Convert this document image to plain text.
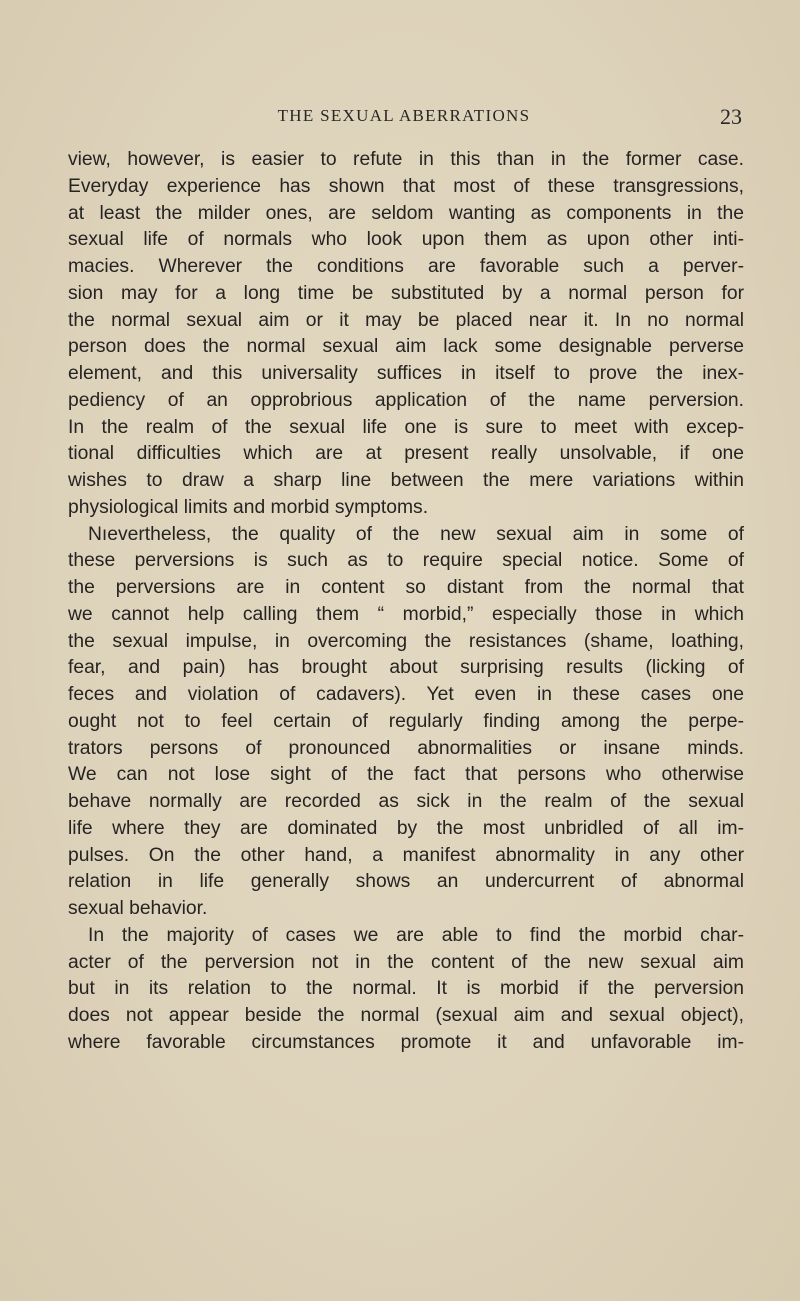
THE SEXUAL ABERRATIONS	23
view, however, is easier to refute in this than in the former case.
Everyday experience has shown that most of these transgressions,
at least the milder ones, are seldom wanting as components in the
sexual life of normals who look upon them as upon other inti-
macies. Wherever the conditions are favorable such a perver-
sion may for a long time be substituted by a normal person for
the normal sexual aim or it may be placed near it. In no normal
person does the normal sexual aim lack some designable perverse
element, and this universality suffices in itself to prove the inex-
pediency of an opprobrious application of the name perversion.
In the realm of the sexual life one is sure to meet with excep-
tional difficulties which are at present really unsolvable, if one
wishes to draw a sharp line between the mere variations within
physiological limits and morbid symptoms.
Nıevertheless, the quality of the new sexual aim in some of
these perversions is such as to require special notice. Some of
the perversions are in content so distant from the normal that
we cannot help calling them “ morbid,” especially those in which
the sexual impulse, in overcoming the resistances (shame, loathing,
fear, and pain) has brought about surprising results (licking of
feces and violation of cadavers). Yet even in these cases one
ought not to feel certain of regularly finding among the perpe-
trators persons of pronounced abnormalities or insane minds.
We can not lose sight of the fact that persons who otherwise
behave normally are recorded as sick in the realm of the sexual
life where they are dominated by the most unbridled of all im-
pulses. On the other hand, a manifest abnormality in any other
relation in life generally shows an undercurrent of abnormal
sexual behavior.
In the majority of cases we are able to find the morbid char-
acter of the perversion not in the content of the new sexual aim
but in its relation to the normal. It is morbid if the perversion
does not appear beside the normal (sexual aim and sexual object),
where favorable circumstances promote it and unfavorable im-
